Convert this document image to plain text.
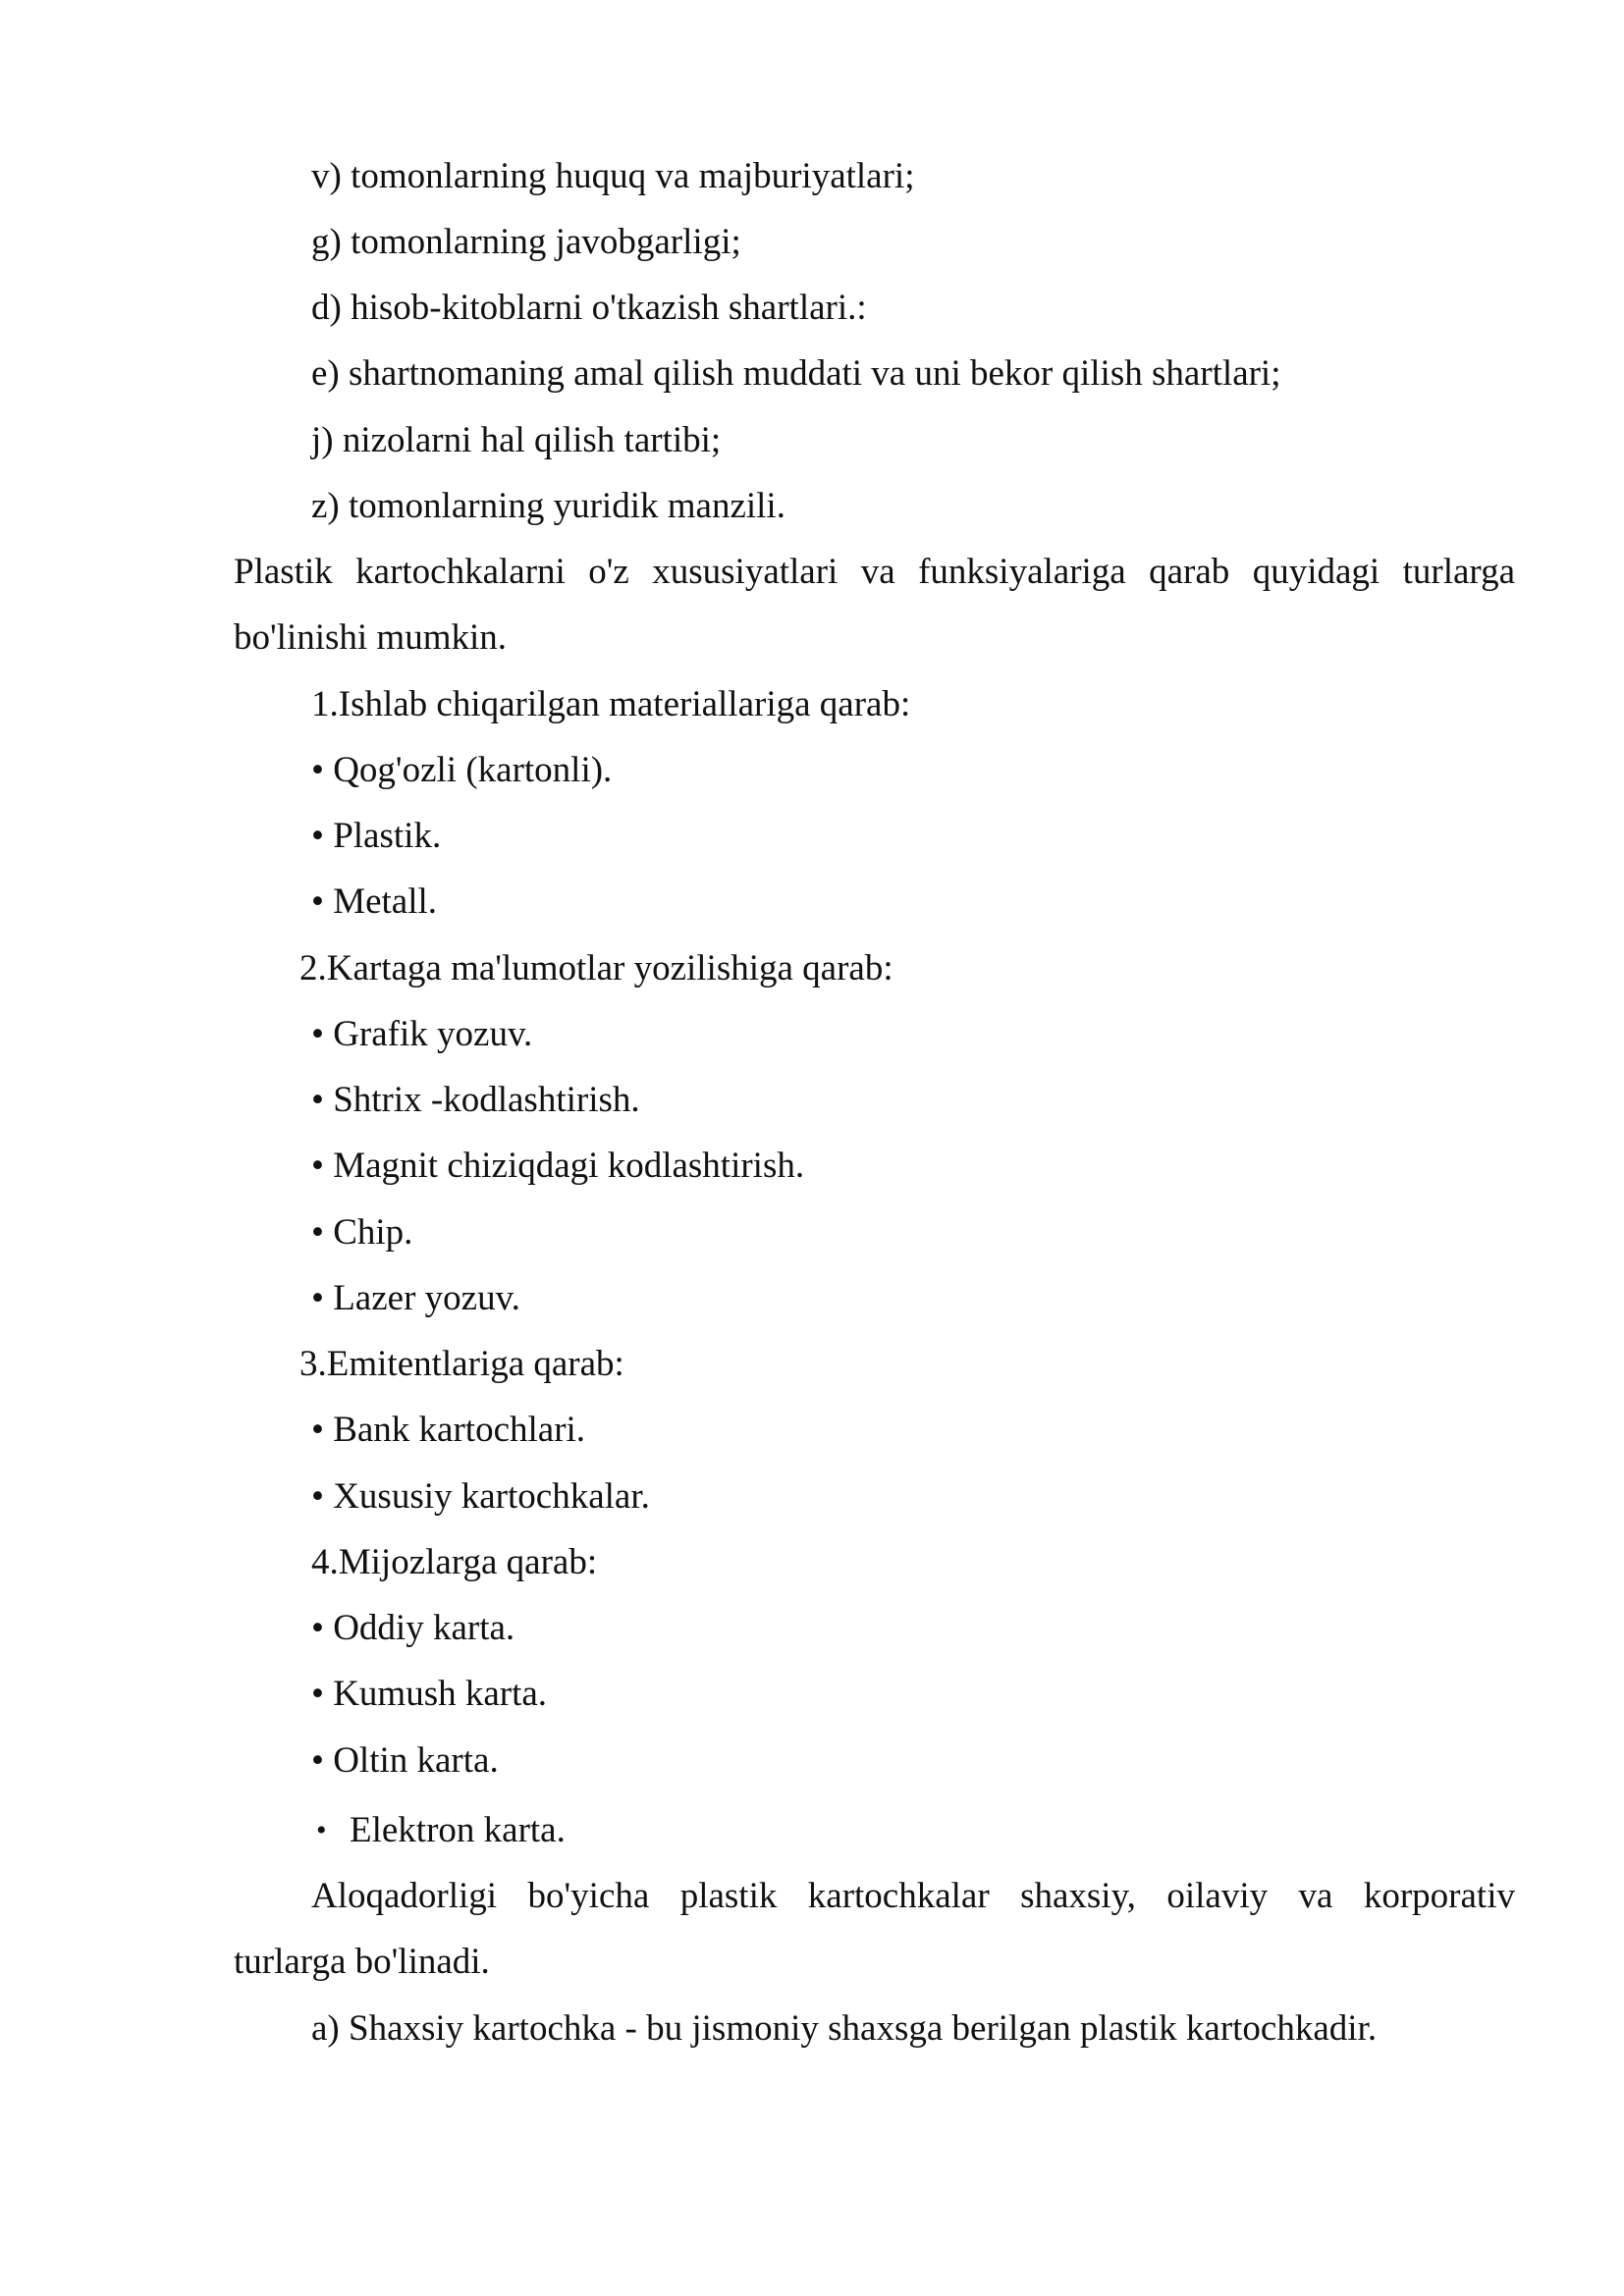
v) tomonlarning huquq va majburiyatlari;
g) tomonlarning javobgarligi;
d) hisob-kitoblarni o'tkazish shartlari.:
e) shartnomaning amal qilish muddati va uni bekor qilish shartlari;
j) nizolarni hal qilish tartibi;
z) tomonlarning yuridik manzili.
Plastik kartochkalarni o'z xususiyatlari va funksiyalariga qarab quyidagi turlarga
bo'linishi mumkin.
1.Ishlab chiqarilgan materiallariga qarab:
• Qog'ozli (kartonli).
• Plastik.
• Metall.
2.Kartaga ma'lumotlar yozilishiga qarab:
• Grafik yozuv.
• Shtrix -kodlashtirish.
• Magnit chiziqdagi kodlashtirish.
• Chip.
• Lazer yozuv.
3.Emitentlariga qarab:
• Bank kartochlari.
• Xususiy kartochkalar.
4.Mijozlarga qarab:
• Oddiy karta.
• Kumush karta.
• Oltin karta.
• Elektron karta.
Aloqadorligi bo'yicha plastik kartochkalar shaxsiy, oilaviy va korporativ
turlarga bo'linadi.
a) Shaxsiy kartochka - bu jismoniy shaxsga berilgan plastik kartochkadir.
